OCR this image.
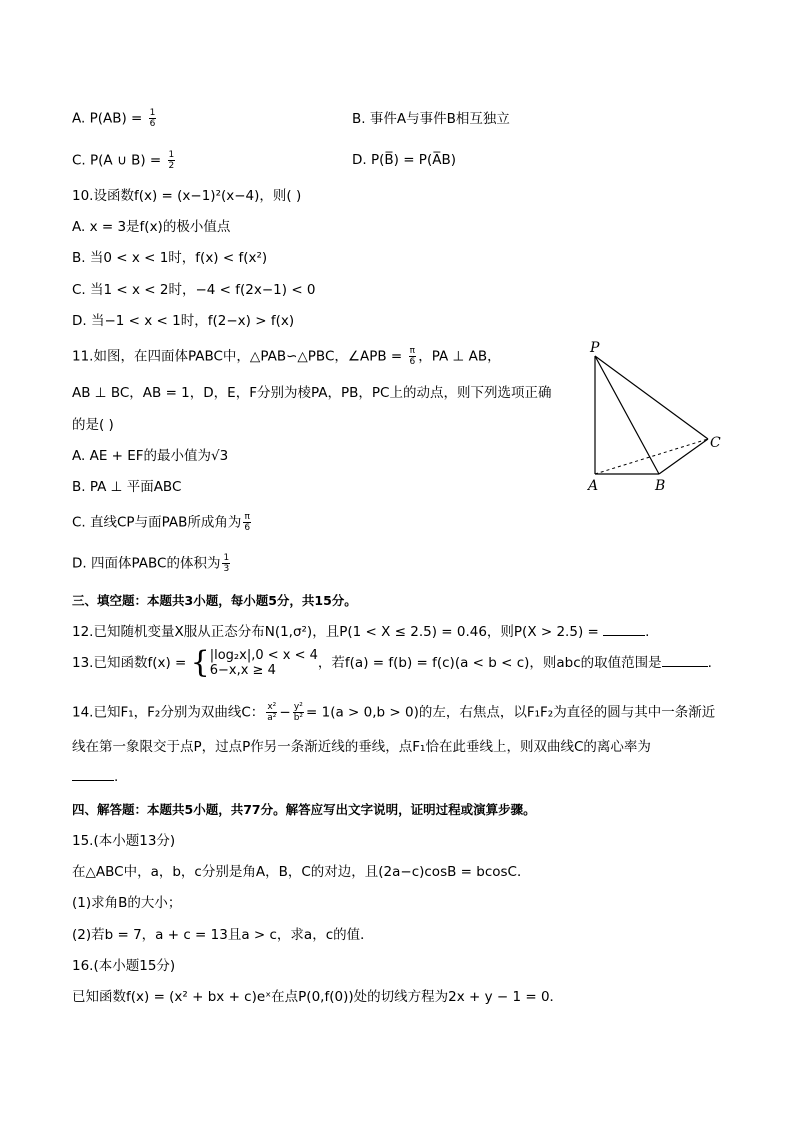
A. $P(AB) = \frac{1}{6}$	B. 事件A与事件B相互独立
C. P(A ∪ $B) = \frac{1}{2}$	D. P(B̅) = P(A̅B)
10.设函数f(x) = (x−1)²(x−4)，则( )
A. x = 3是f(x)的极小值点
B. 当0 < x < 1时，f(x) < f(x²)
C. 当1 < x < 2时，−4 < f(2x−1) < 0
D. 当−1 < x < 1时，f(2−x) > f(x)
11.如图，在四面体PABC中，△PAB∽△PBC，∠APB = $\frac{\pi}{6}$ ，PA ⊥ AB，
AB ⊥ BC，AB = 1，D，E，F分别为棱PA，PB，PC上的动点，则下列选项正确
的是( )
A. AE + EF的最小值为√3
B. PA ⊥ 平面ABC
C. 直线CP与面PAB所成角为 $\frac{\pi}{6}$
D. 四面体PABC的体积为 $\frac{1}{3}$
P
A	B
C
三、填空题：本题共3小题，每小题5分，共15分。
12.已知随机变量X服从正态分布N(1,σ²)，且P(1 < X ≤ 2.5) = 0.46，则P(X > 2.5) =	.
13.已知函数f(x) = { |log₂x|,0 < x < 4
6−x,x ≥ 4	，若f(a) = f(b) = f(c)(a < b < c)，则abc的取值范围是	.
14.已知F₁，F₂分别为双曲线C： $\frac{\text{x²}}{\text{a²}} - \frac{\text{y²}}{\text{b²}} = 1(a > 0,b > 0)$的左，右焦点，以F₁F₂为直径的圆与其中一条渐近
线在第一象限交于点P，过点P作另一条渐近线的垂线，点F₁恰在此垂线上，则双曲线C的离心率为
.
四、解答题：本题共5小题，共77分。解答应写出文字说明，证明过程或演算步骤。
15.(本小题13分)
在△ABC中，a，b，c分别是角A，B，C的对边，且(2a−c)cosB = bcosC．
(1)求角B的大小；
(2)若b = 7，a + c = 13且a > c，求a，c的值．
16.(本小题15分)
已知函数f(x) = (x² + bx + c)eˣ在点P(0,f(0))处的切线方程为2x + y − 1 = 0．
